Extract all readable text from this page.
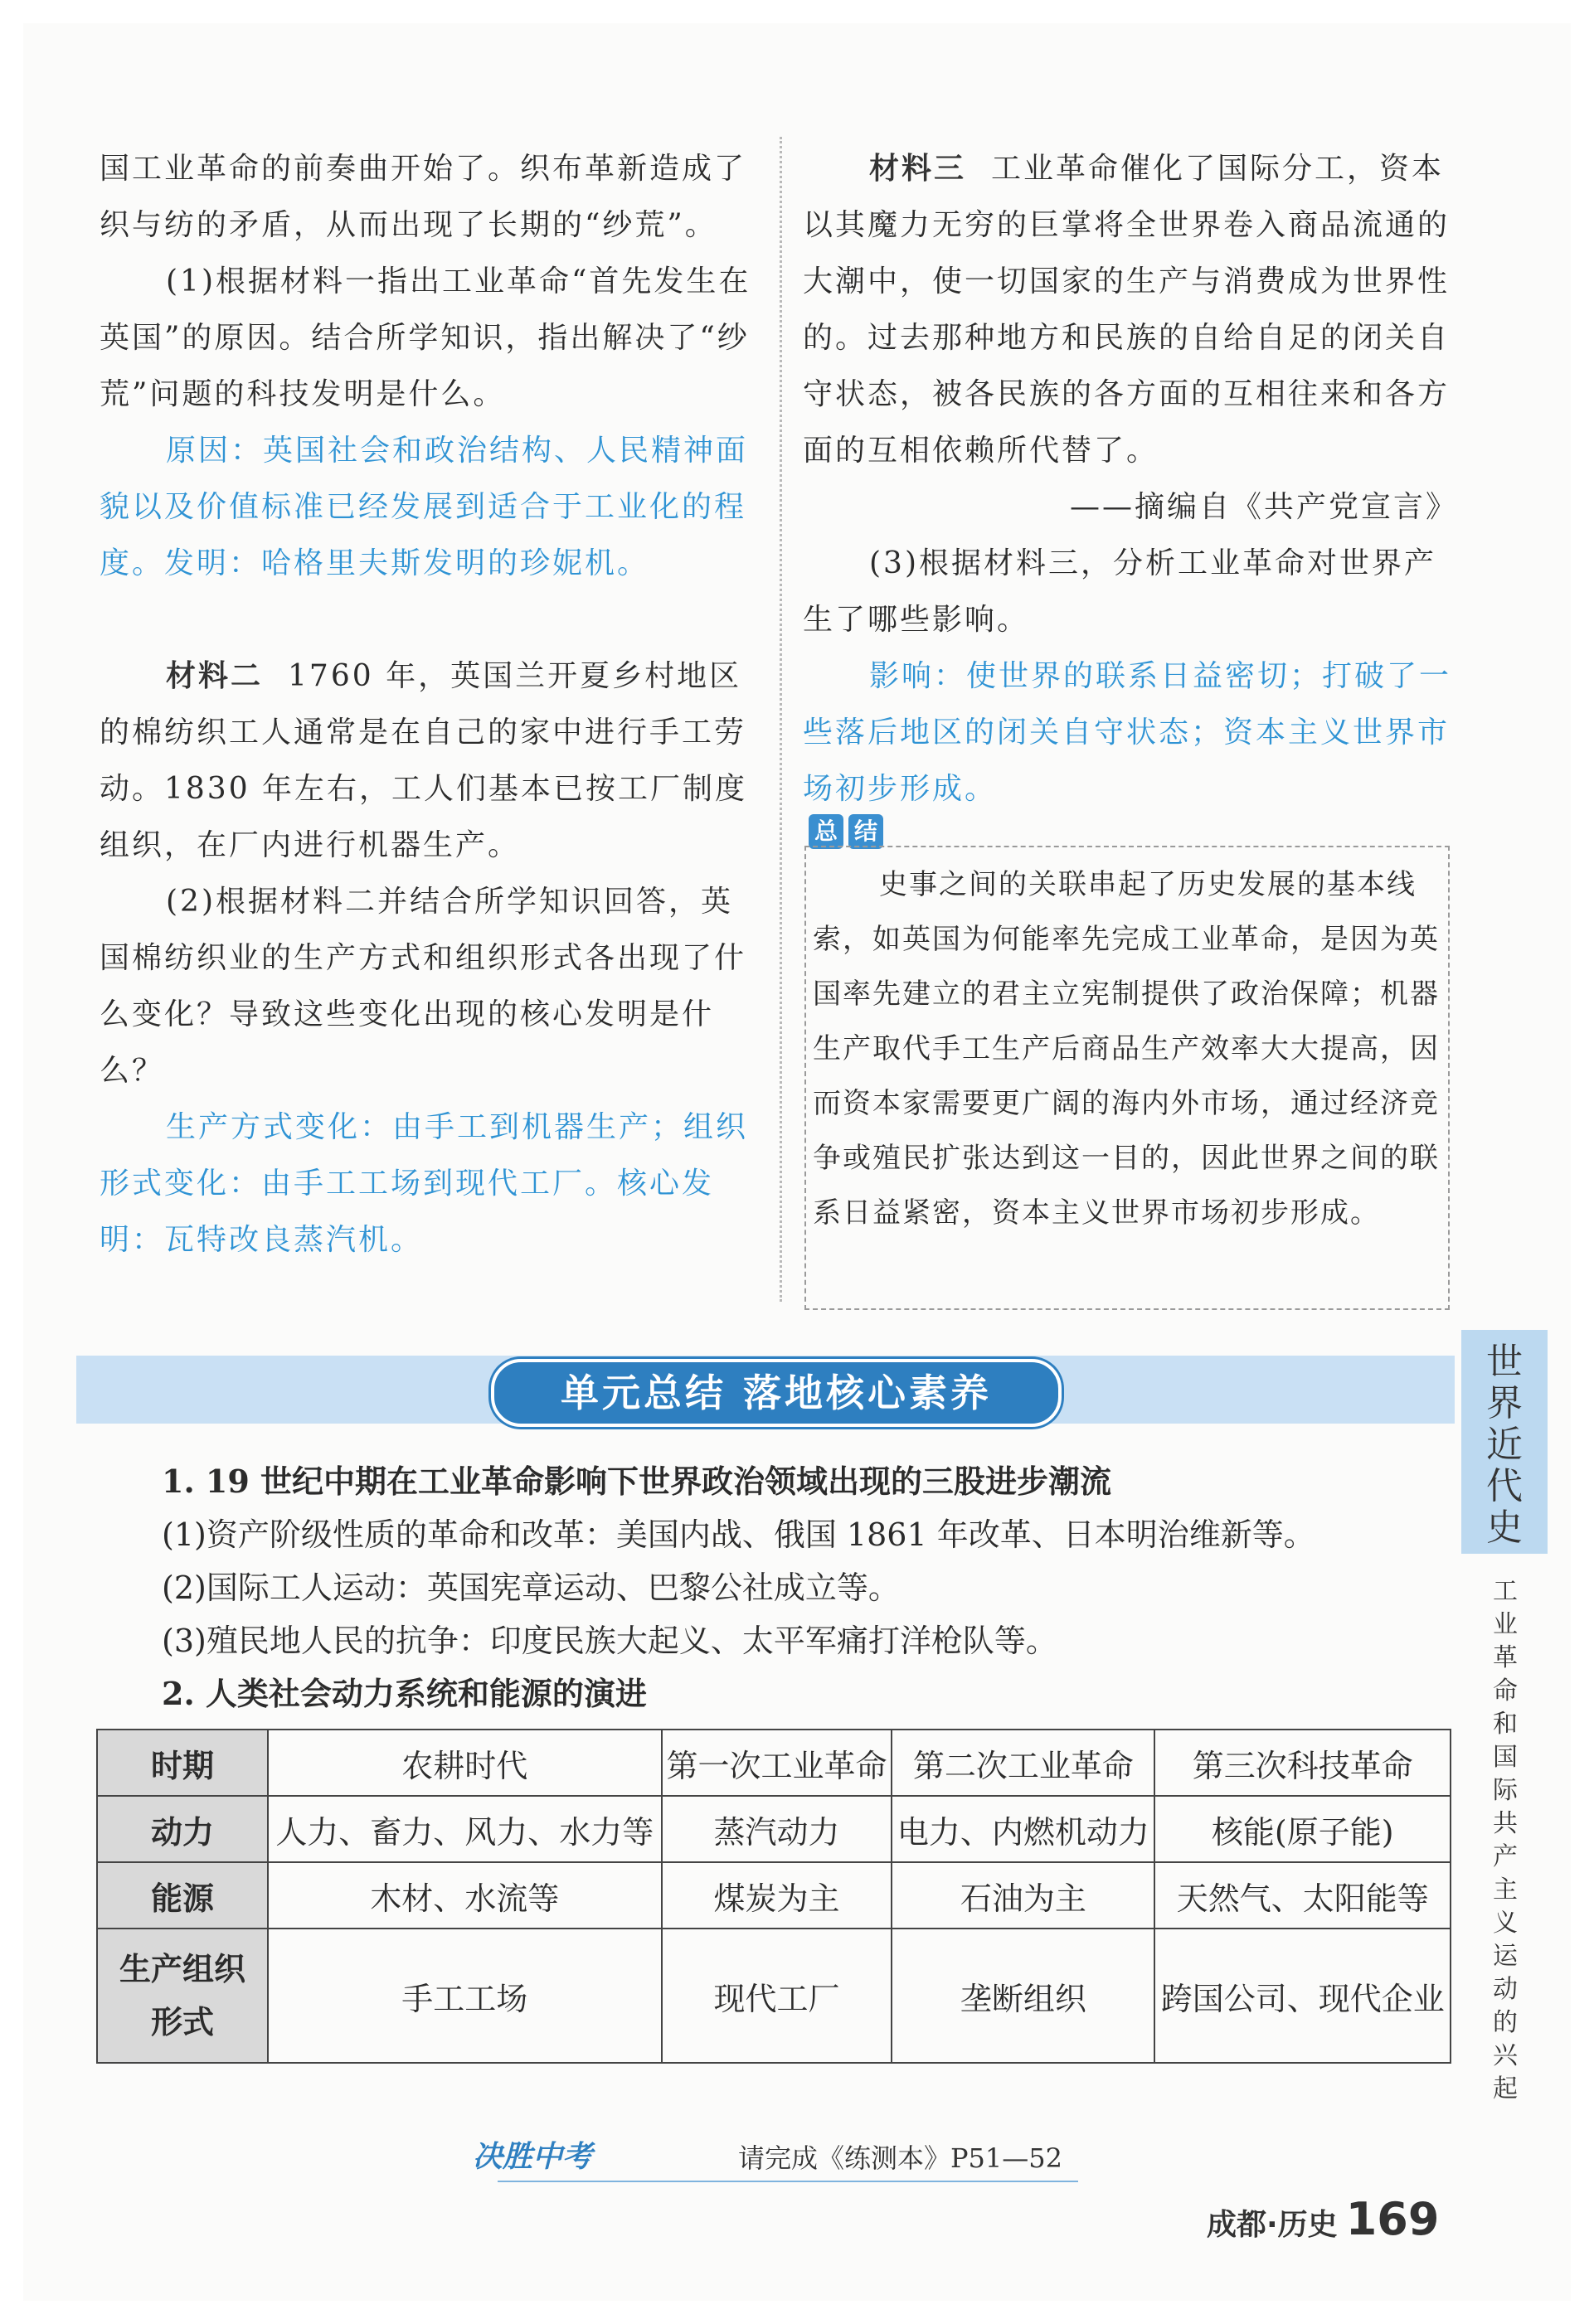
国工业革命的前奏曲开始了。织布革新造成了织与纺的矛盾，从而出现了长期的“纱荒”。

(1)根据材料一指出工业革命“首先发生在英国”的原因。结合所学知识，指出解决了“纱荒”问题的科技发明是什么。

原因：英国社会和政治结构、人民精神面貌以及价值标准已经发展到适合于工业化的程度。发明：哈格里夫斯发明的珍妮机。

材料二 1760 年，英国兰开夏乡村地区的棉纺织工人通常是在自己的家中进行手工劳动。1830 年左右，工人们基本已按工厂制度组织，在厂内进行机器生产。

(2)根据材料二并结合所学知识回答，英国棉纺织业的生产方式和组织形式各出现了什么变化？导致这些变化出现的核心发明是什么？

生产方式变化：由手工到机器生产；组织形式变化：由手工工场到现代工厂。核心发明：瓦特改良蒸汽机。

材料三 工业革命催化了国际分工，资本以其魔力无穷的巨掌将全世界卷入商品流通的大潮中，使一切国家的生产与消费成为世界性的。过去那种地方和民族的自给自足的闭关自守状态，被各民族的各方面的互相往来和各方面的互相依赖所代替了。

——摘编自《共产党宣言》

(3)根据材料三，分析工业革命对世界产生了哪些影响。

影响：使世界的联系日益密切；打破了一些落后地区的闭关自守状态；资本主义世界市场初步形成。

总 结

史事之间的关联串起了历史发展的基本线索，如英国为何能率先完成工业革命，是因为英国率先建立的君主立宪制提供了政治保障；机器生产取代手工生产后商品生产效率大大提高，因而资本家需要更广阔的海内外市场，通过经济竞争或殖民扩张达到这一目的，因此世界之间的联系日益紧密，资本主义世界市场初步形成。

单元总结 落地核心素养
世界近代史
工业革命和国际共产主义运动的兴起

1. 19 世纪中期在工业革命影响下世界政治领域出现的三股进步潮流

(1)资产阶级性质的革命和改革：美国内战、俄国 1861 年改革、日本明治维新等。

(2)国际工人运动：英国宪章运动、巴黎公社成立等。

(3)殖民地人民的抗争：印度民族大起义、太平军痛打洋枪队等。

2. 人类社会动力系统和能源的演进

时期	农耕时代	第一次工业革命	第二次工业革命	第三次科技革命
动力	人力、畜力、风力、水力等	蒸汽动力	电力、内燃机动力	核能(原子能)
能源	木材、水流等	煤炭为主	石油为主	天然气、太阳能等
生产组织形式	手工工场	现代工厂	垄断组织	跨国公司、现代企业
决胜中考	请完成《练测本》P51—52
成都·历史 169
